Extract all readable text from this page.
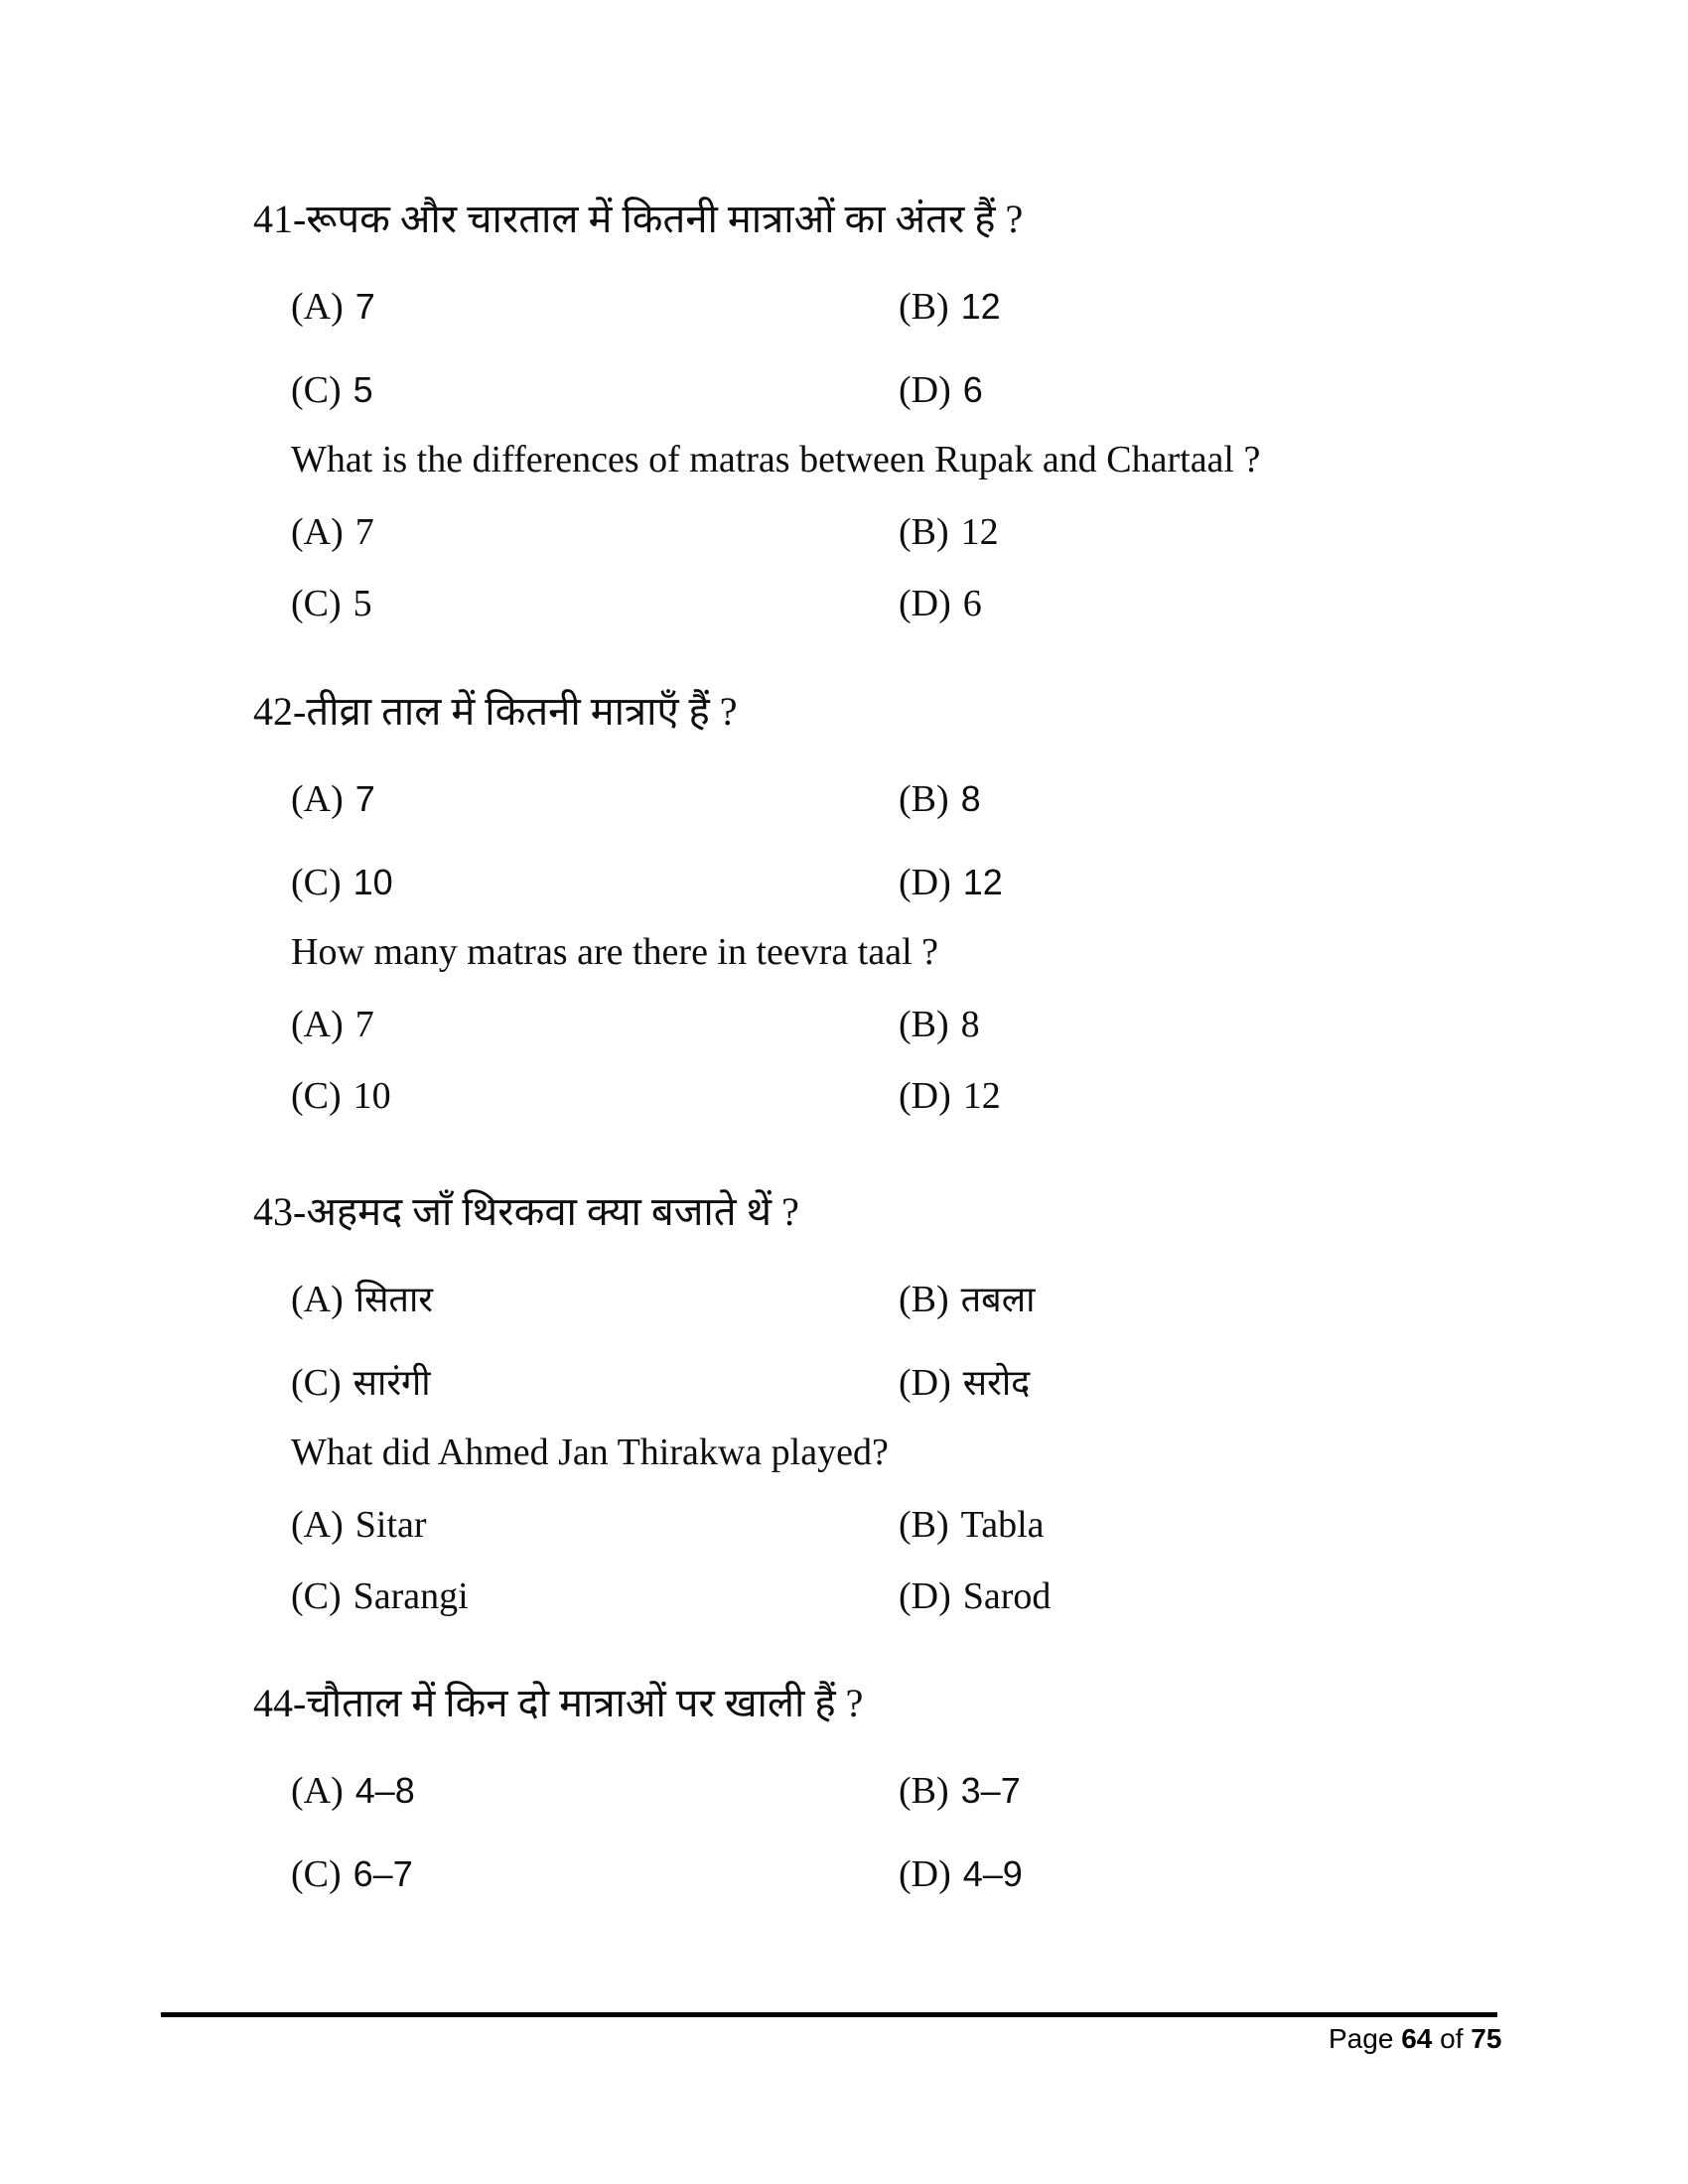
41-रूपक और चारताल में कितनी मात्राओं का अंतर हैं ?

(A) 7	(B) 12
(C) 5	(D) 6

What is the differences of matras between Rupak and Chartaal ?

(A) 7	(B) 12
(C) 5	(D) 6

42-तीव्रा ताल में कितनी मात्राएँ हैं ?

(A) 7	(B) 8
(C) 10	(D) 12

How many matras are there in teevra taal ?

(A) 7	(B) 8
(C) 10	(D) 12

43-अहमद जाँ थिरकवा क्या बजाते थें ?

(A) सितार	(B) तबला
(C) सारंगी	(D) सरोद

What did Ahmed Jan Thirakwa played?

(A) Sitar	(B) Tabla
(C) Sarangi	(D) Sarod

44-चौताल में किन दो मात्राओं पर खाली हैं ?

(A) 4–8	(B) 3–7
(C) 6–7	(D) 4–9
Page 64 of 75
